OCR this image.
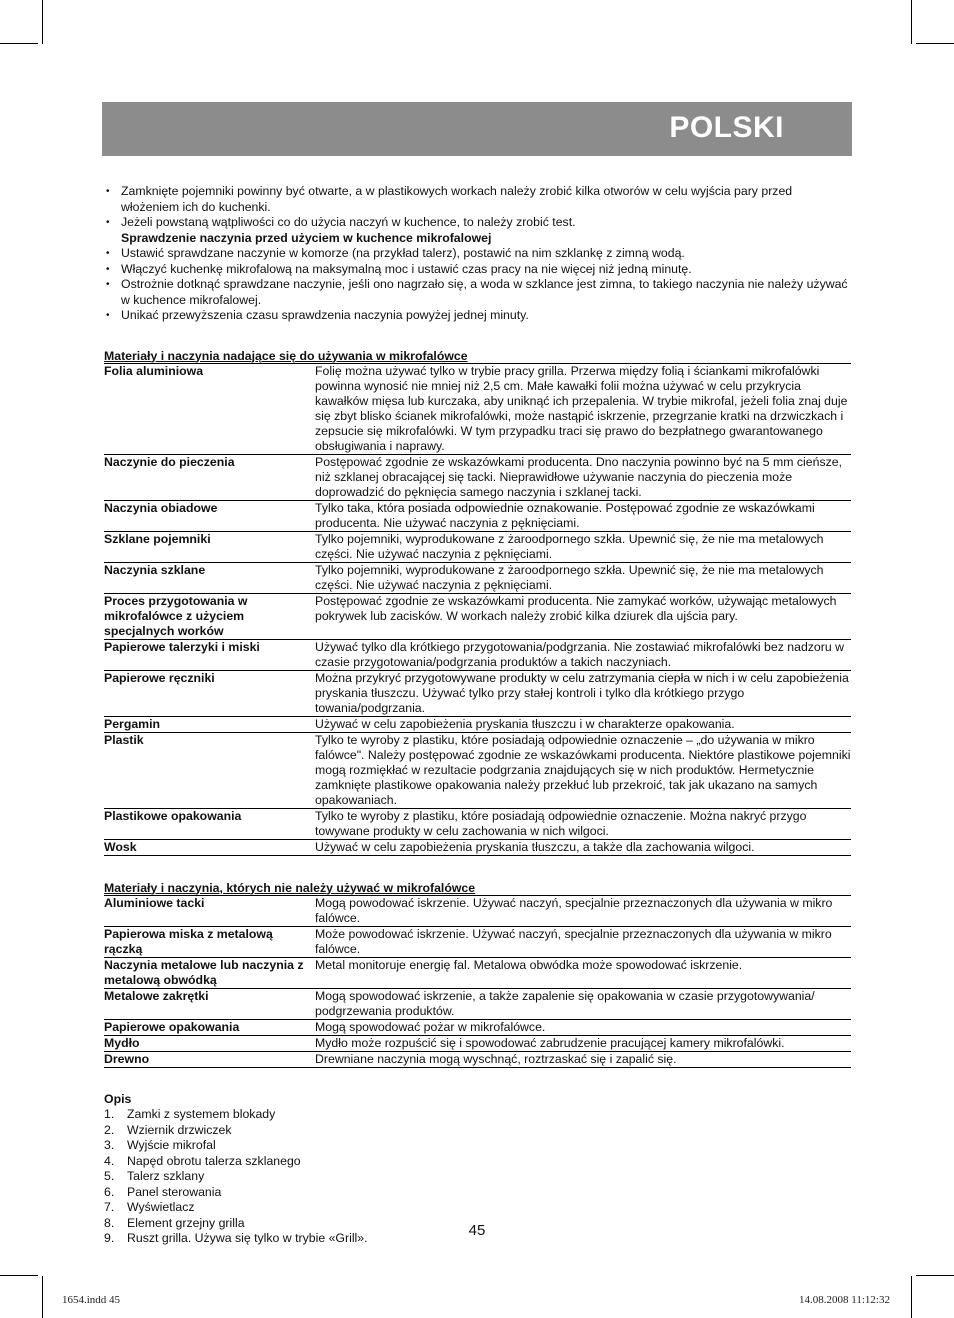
POLSKI
• Zamknięte pojemniki powinny być otwarte, a w plastikowych workach należy zrobić kilka otworów w celu wyjścia pary przed włożeniem ich do kuchenki.
• Jeżeli powstaną wątpliwości co do użycia naczyń w kuchence, to należy zrobić test.
Sprawdzenie naczynia przed użyciem w kuchence mikrofalowej
• Ustawić sprawdzane naczynie w komorze (na przykład talerz), postawić na nim szklankę z zimną wodą.
• Włączyć kuchenkę mikrofalową na maksymalną moc i ustawić czas pracy na nie więcej niż jedną minutę.
• Ostrożnie dotknąć sprawdzane naczynie, jeśli ono nagrzało się, a woda w szklance jest zimna, to takiego naczynia nie należy używać w kuchence mikrofalowej.
• Unikać przewyższenia czasu sprawdzenia naczynia powyżej jednej minuty.
Materiały i naczynia nadające się do używania w mikrofalówce
Folia aluminiowa	Folię można używać tylko w trybie pracy grilla. Przerwa między folią i ściankami mikrofalówki powinna wynosić nie mniej niż 2,5 cm. Małe kawałki folii można używać w celu przykrycia kawałków mięsa lub kurczaka, aby uniknąć ich przepalenia. W trybie mikrofal, jeżeli folia znaj duje się zbyt blisko ścianek mikrofalówki, może nastąpić iskrzenie, przegrzanie kratki na drzwiczkach i zepsucie się mikrofalówki. W tym przypadku traci się prawo do bezpłatnego gwarantowanego obsługiwania i naprawy.
Naczynie do pieczenia	Postępować zgodnie ze wskazówkami producenta. Dno naczynia powinno być na 5 mm cieńsze, niż szklanej obracającej się tacki. Nieprawidłowe używanie naczynia do pieczenia może doprowadzić do pęknięcia samego naczynia i szklanej tacki.
Naczynia obiadowe	Tylko taka, która posiada odpowiednie oznakowanie. Postępować zgodnie ze wskazówkami producenta. Nie używać naczynia z pęknięciami.
Szklane pojemniki	Tylko pojemniki, wyprodukowane z żaroodpornego szkła. Upewnić się, że nie ma metalowych części. Nie używać naczynia z pęknięciami.
Naczynia szklane	Tylko pojemniki, wyprodukowane z żaroodpornego szkła. Upewnić się, że nie ma metalowych części. Nie używać naczynia z pęknięciami.
Proces przygotowania w mikrofalówce z użyciem specjalnych worków	Postępować zgodnie ze wskazówkami producenta. Nie zamykać worków, używając metalowych pokrywek lub zacisków. W workach należy zrobić kilka dziurek dla ujścia pary.
Papierowe talerzyki i miski	Używać tylko dla krótkiego przygotowania/podgrzania. Nie zostawiać mikrofalówki bez nadzoru w czasie przygotowania/podgrzania produktów a takich naczyniach.
Papierowe ręczniki	Można przykryć przygotowywane produkty w celu zatrzymania ciepła w nich i w celu zapobieżenia pryskania tłuszczu. Używać tylko przy stałej kontroli i tylko dla krótkiego przygo towania/podgrzania.
Pergamin	Używać w celu zapobieżenia pryskania tłuszczu i w charakterze opakowania.
Plastik	Tylko te wyroby z plastiku, które posiadają odpowiednie oznaczenie – „do używania w mikro falówce". Należy postępować zgodnie ze wskazówkami producenta. Niektóre plastikowe pojemniki mogą rozmiękłać w rezultacie podgrzania znajdujących się w nich produktów. Hermetycznie zamknięte plastikowe opakowania należy przekłuć lub przekroić, tak jak ukazano na samych opakowaniach.
Plastikowe opakowania	Tylko te wyroby z plastiku, które posiadają odpowiednie oznaczenie. Można nakryć przygo towywane produkty w celu zachowania w nich wilgoci.
Wosk	Używać w celu zapobieżenia pryskania tłuszczu, a także dla zachowania wilgoci.
Materiały i naczynia, których nie należy używać w mikrofalówce
Aluminiowe tacki	Mogą powodować iskrzenie. Używać naczyń, specjalnie przeznaczonych dla używania w mikro falówce.
Papierowa miska z metalową rączką	Może powodować iskrzenie. Używać naczyń, specjalnie przeznaczonych dla używania w mikro falówce.
Naczynia metalowe lub naczynia z metalową obwódką	Metal monitoruje energię fal. Metalowa obwódka może spowodować iskrzenie.
Metalowe zakrętki	Mogą spowodować iskrzenie, a także zapalenie się opakowania w czasie przygotowywania/ podgrzewania produktów.
Papierowe opakowania	Mogą spowodować pożar w mikrofalówce.
Mydło	Mydło może rozpuścić się i spowodować zabrudzenie pracującej kamery mikrofalówki.
Drewno	Drewniane naczynia mogą wyschnąć, roztrzaskać się i zapalić się.
Opis
1.	Zamki z systemem blokady
2.	Wziernik drzwiczek
3.	Wyjście mikrofal
4.	Napęd obrotu talerza szklanego
5.	Talerz szklany
6.	Panel sterowania
7.	Wyświetlacz
8.	Element grzejny grilla
9.	Ruszt grilla. Używa się tylko w trybie «Grill».	45
1654.indd 45	14.08.2008 11:12:32
